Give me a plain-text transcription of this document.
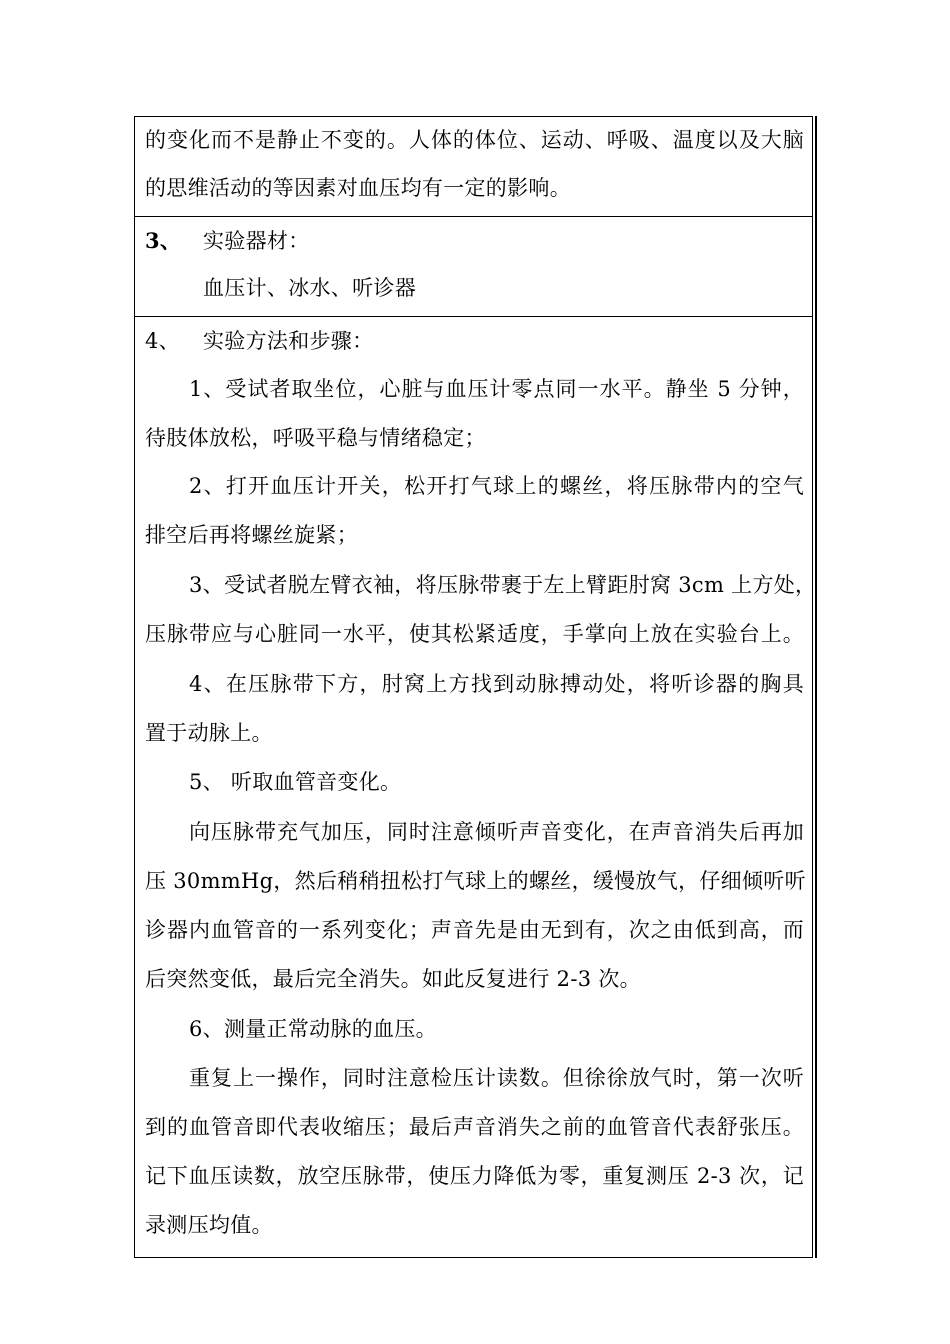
的变化而不是静止不变的。人体的体位、运动、呼吸、温度以及大脑
的思维活动的等因素对血压均有一定的影响。
3、 实验器材：
血压计、冰水、听诊器
4、 实验方法和步骤：
1、受试者取坐位，心脏与血压计零点同一水平。静坐 5 分钟，
待肢体放松，呼吸平稳与情绪稳定；
2、打开血压计开关，松开打气球上的螺丝，将压脉带内的空气
排空后再将螺丝旋紧；
3、受试者脱左臂衣袖，将压脉带裹于左上臂距肘窝 3cm 上方处，
压脉带应与心脏同一水平，使其松紧适度，手掌向上放在实验台上。
4、在压脉带下方，肘窝上方找到动脉搏动处，将听诊器的胸具
置于动脉上。
5、 听取血管音变化。
向压脉带充气加压，同时注意倾听声音变化，在声音消失后再加
压 30mmHg，然后稍稍扭松打气球上的螺丝，缓慢放气，仔细倾听听
诊器内血管音的一系列变化；声音先是由无到有，次之由低到高，而
后突然变低，最后完全消失。如此反复进行 2-3 次。
6、测量正常动脉的血压。
重复上一操作，同时注意检压计读数。但徐徐放气时，第一次听
到的血管音即代表收缩压；最后声音消失之前的血管音代表舒张压。
记下血压读数，放空压脉带，使压力降低为零，重复测压 2-3 次，记
录测压均值。
